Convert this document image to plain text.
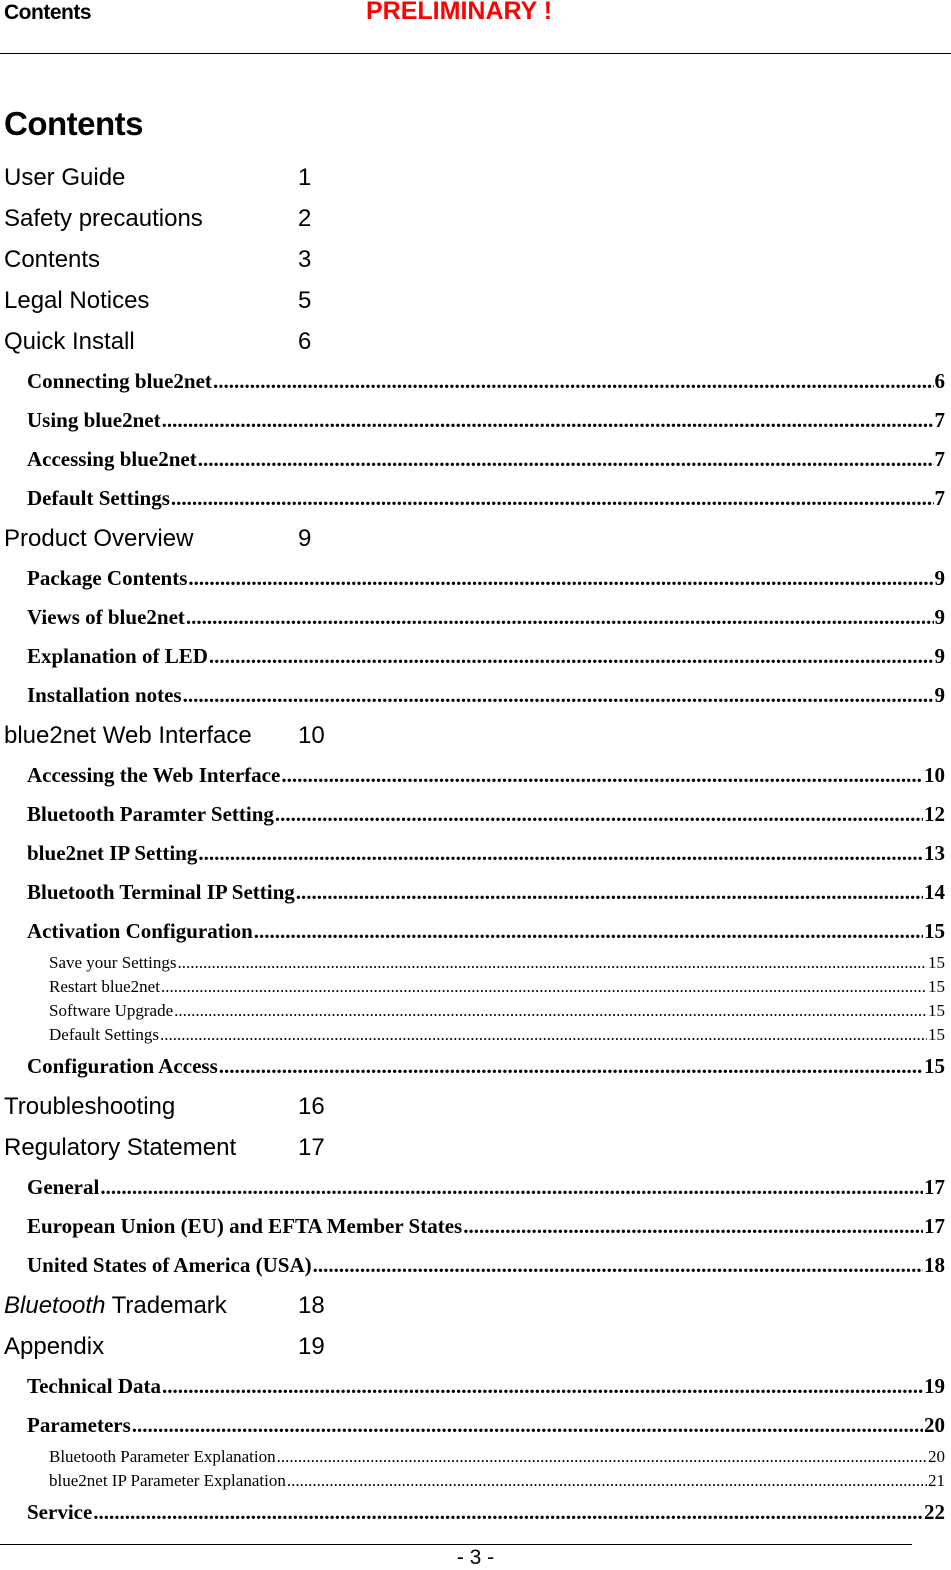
Contents	PRELIMINARY !
Contents
User Guide	1
Safety precautions	2
Contents	3
Legal Notices	5
Quick Install	6
Connecting blue2net .....	6
Using blue2net .....	7
Accessing blue2net .....	7
Default Settings .....	7
Product Overview	9
Package Contents .....	9
Views of blue2net .....	9
Explanation of LED .....	9
Installation notes .....	9
blue2net Web Interface	10
Accessing the Web Interface .....	10
Bluetooth Paramter Setting .....	12
blue2net IP Setting .....	13
Bluetooth Terminal IP Setting .....	14
Activation Configuration .....	15
Save your Settings .....	15
Restart blue2net .....	15
Software Upgrade .....	15
Default Settings .....	15
Configuration Access .....	15
Troubleshooting	16
Regulatory Statement	17
General .....	17
European Union (EU) and EFTA Member States .....	17
United States of America (USA) .....	18
Bluetooth Trademark	18
Appendix	19
Technical Data .....	19
Parameters .....	20
Bluetooth Parameter Explanation .....	20
blue2net IP Parameter Explanation .....	21
Service .....	22
- 3 -
